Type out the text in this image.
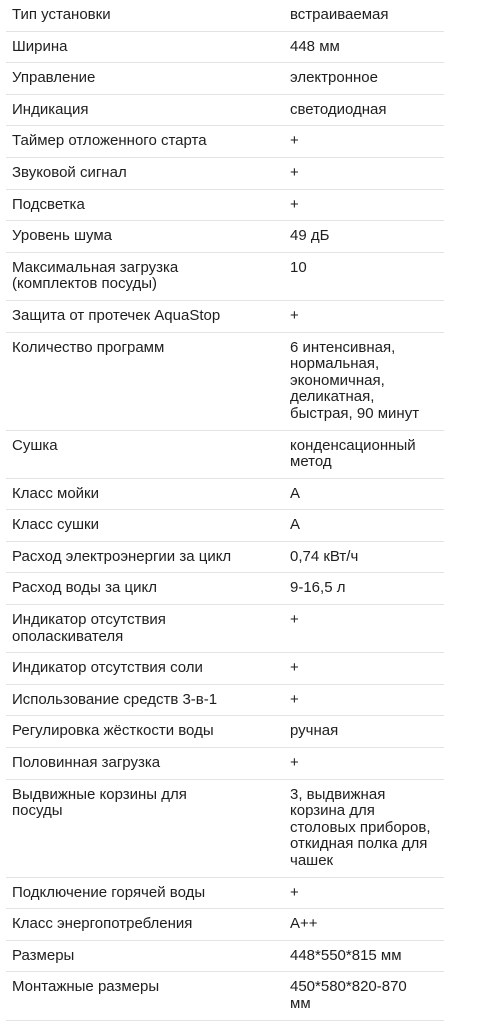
Тип установки	встраиваемая
Ширина	448 мм
Управление	электронное
Индикация	светодиодная
Таймер отложенного старта	+
Звуковой сигнал	+
Подсветка	+
Уровень шума	49 дБ
Максимальная загрузка
(комплектов посуды)	10
Защита от протечек AquaStop	+
Количество программ	6 интенсивная,
нормальная,
экономичная,
деликатная,
быстрая, 90 минут
Сушка	конденсационный
метод
Класс мойки	A
Класс сушки	A
Расход электроэнергии за цикл	0,74 кВт/ч
Расход воды за цикл	9-16,5 л
Индикатор отсутствия
ополаскивателя	+
Индикатор отсутствия соли	+
Использование средств 3-в-1	+
Регулировка жёсткости воды	ручная
Половинная загрузка	+
Выдвижные корзины для
посуды	3, выдвижная
корзина для
столовых приборов,
откидная полка для
чашек
Подключение горячей воды	+
Класс энергопотребления	A++
Размеры	448*550*815 мм
Монтажные размеры	450*580*820-870
мм
